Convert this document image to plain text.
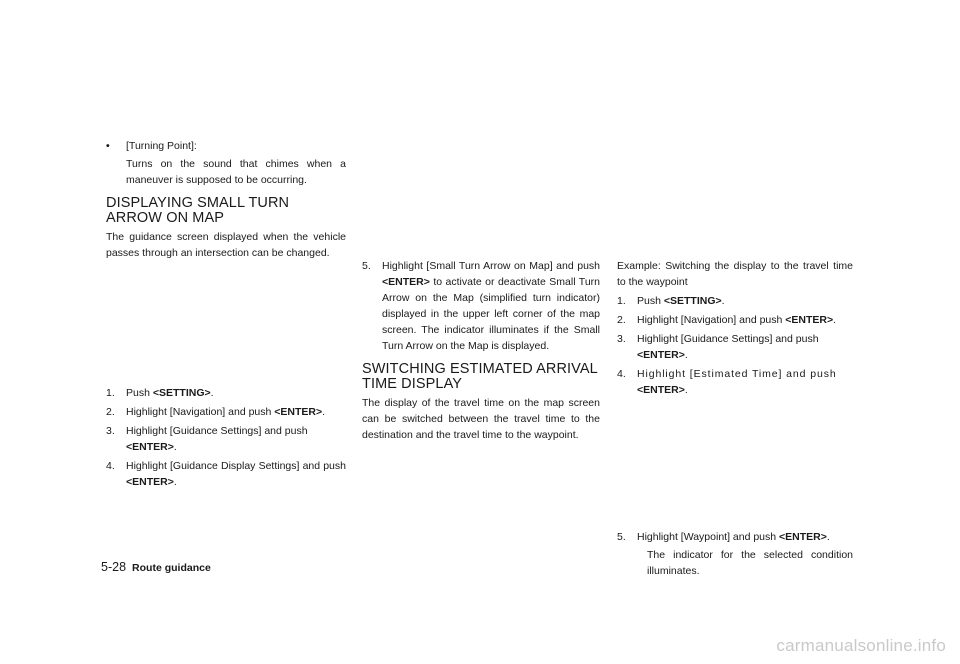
• [Turning Point]:

Turns on the sound that chimes when a maneuver is supposed to be occurring.

DISPLAYING SMALL TURN ARROW ON MAP

The guidance screen displayed when the vehicle passes through an intersection can be changed.

1. Push <SETTING>.
2. Highlight [Navigation] and push <ENTER>.
3. Highlight [Guidance Settings] and push
<ENTER>.
4. Highlight [Guidance Display Settings] and push <ENTER>.
5. Highlight [Small Turn Arrow on Map] and push <ENTER> to activate or deactivate Small Turn Arrow on the Map (simplified turn indicator) displayed in the upper left corner of the map screen. The indicator illuminates if the Small Turn Arrow on the Map is displayed.
SWITCHING ESTIMATED ARRIVAL TIME DISPLAY

The display of the travel time on the map screen can be switched between the travel time to the destination and the travel time to the waypoint.

Example: Switching the display to the travel time to the waypoint

1. Push <SETTING>.
2. Highlight [Navigation] and push <ENTER>.
3. Highlight [Guidance Settings] and push
<ENTER>.
4. Highlight [Estimated Time] and push
<ENTER>.
5. Highlight [Waypoint] and push <ENTER>.
The indicator for the selected condition illuminates.
5-28 Route guidance
carmanualsonline.info
